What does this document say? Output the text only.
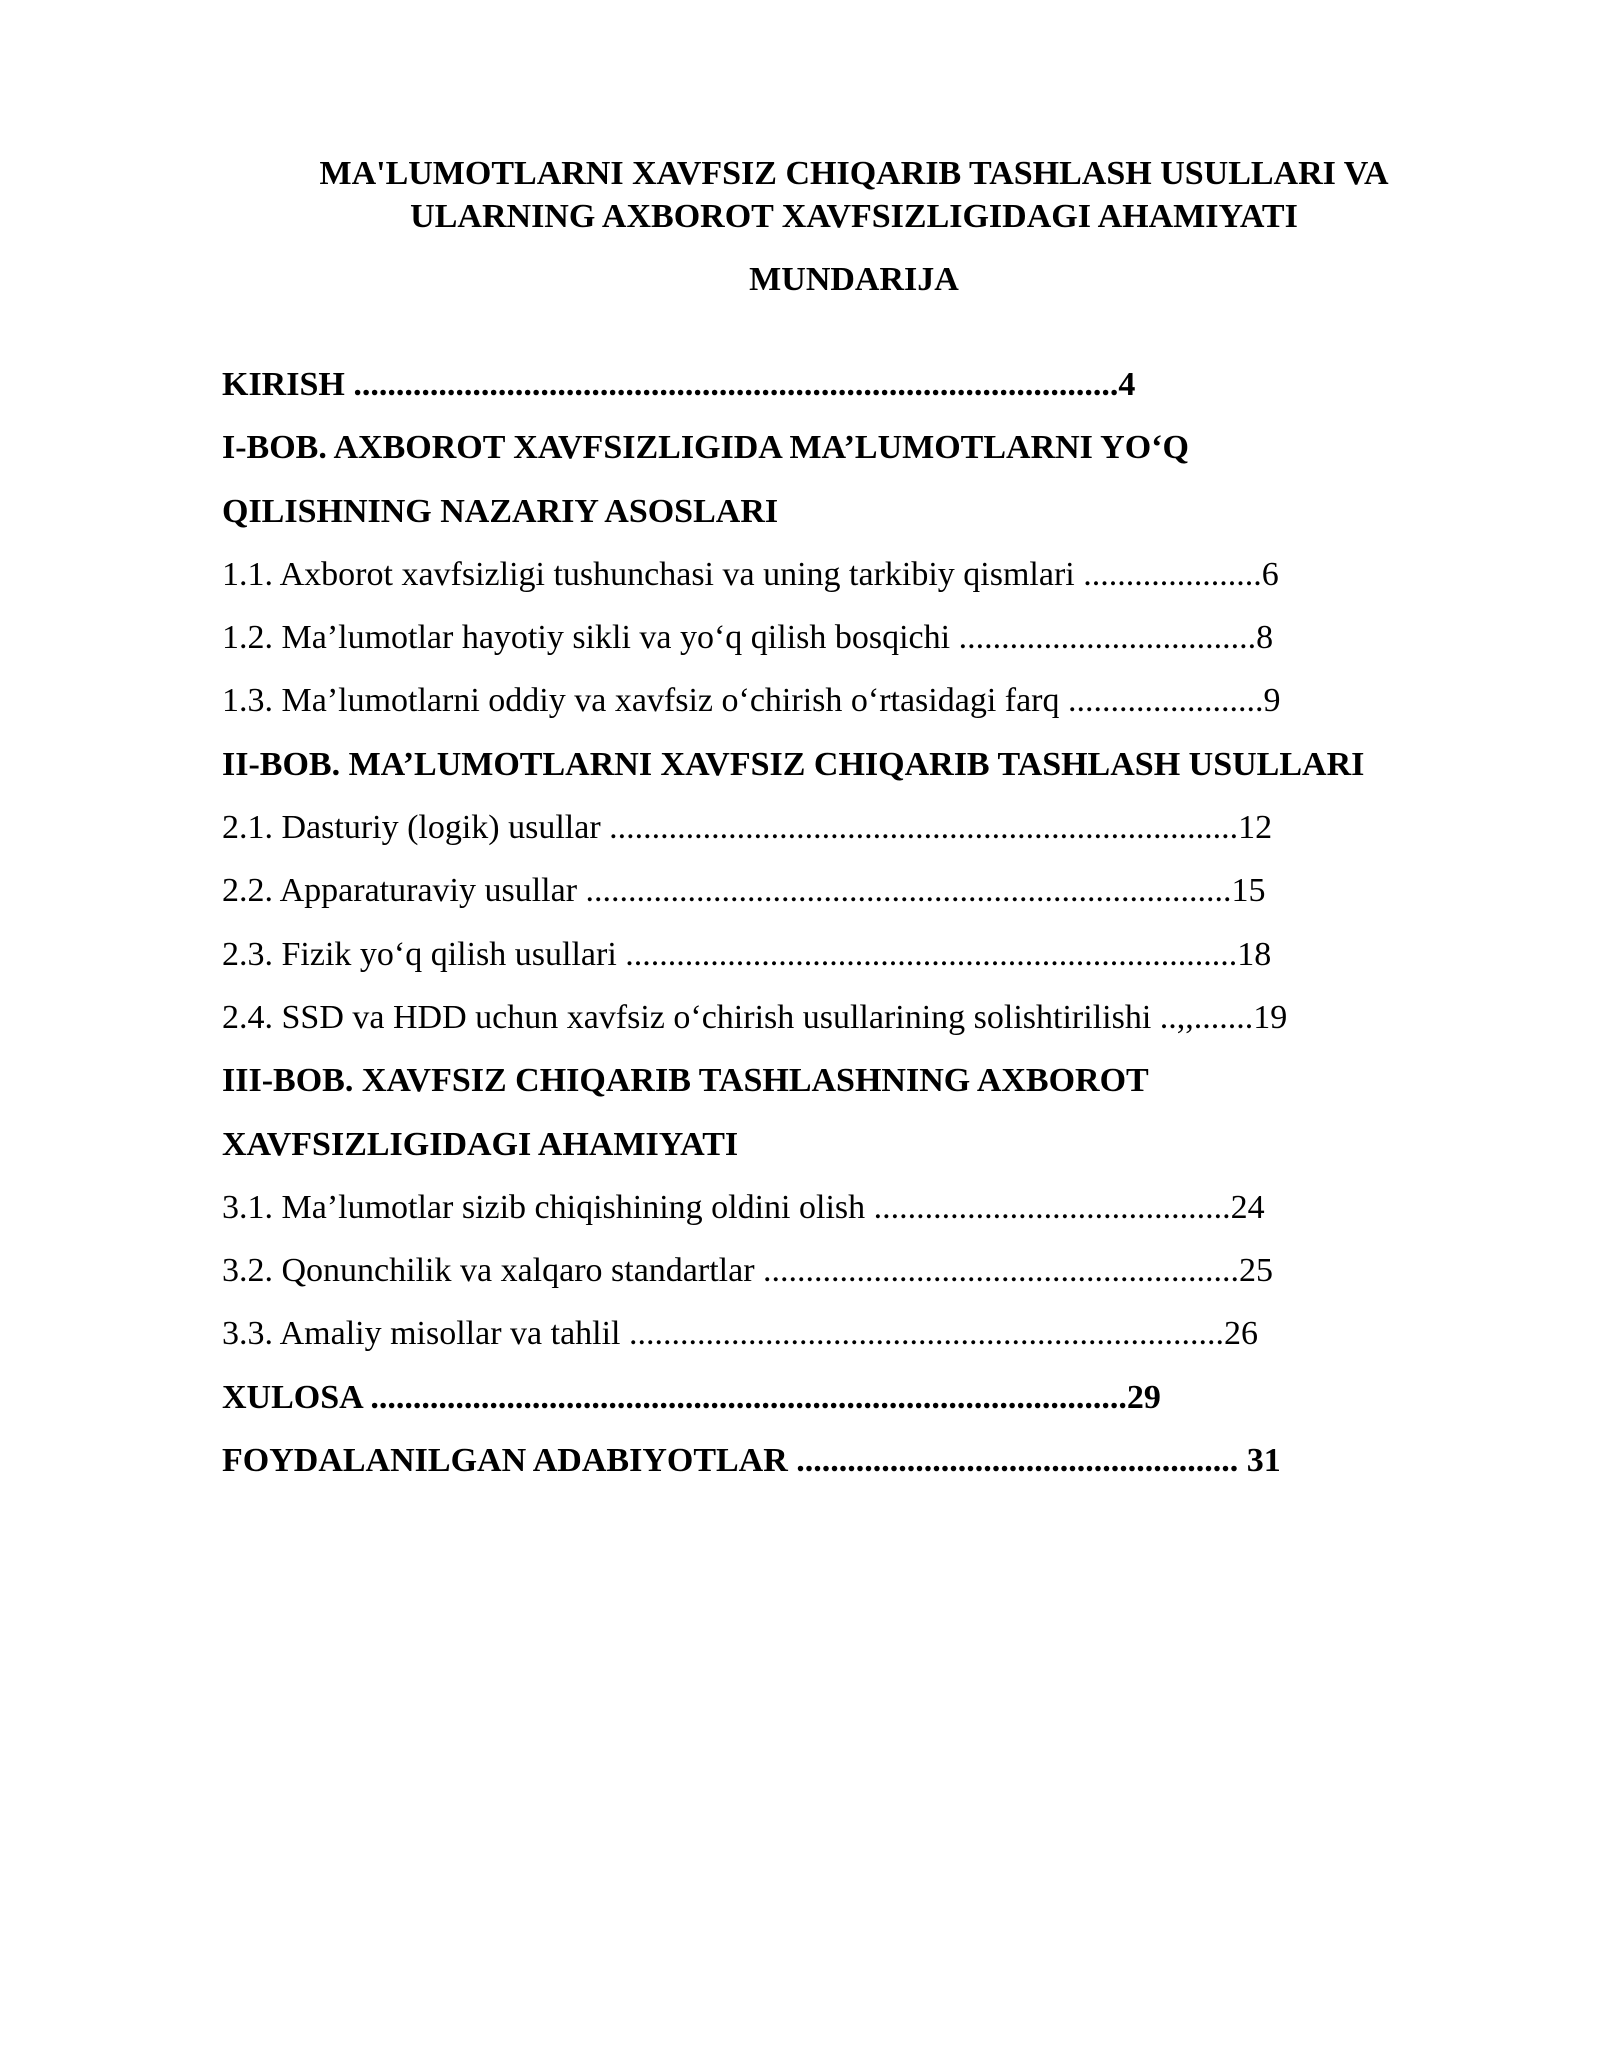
MA'LUMOTLARNI XAVFSIZ CHIQARIB TASHLASH USULLARI VA
ULARNING AXBOROT XAVFSIZLIGIDAGI AHAMIYATI
MUNDARIJA
KIRISH ..........................................................................................4
I-BOB. AXBOROT XAVFSIZLIGIDA MA’LUMOTLARNI YO‘Q
QILISHNING NAZARIY ASOSLARI
1.1. Axborot xavfsizligi tushunchasi va uning tarkibiy qismlari .....................6
1.2. Ma’lumotlar hayotiy sikli va yo‘q qilish bosqichi ...................................8
1.3. Ma’lumotlarni oddiy va xavfsiz o‘chirish o‘rtasidagi farq .......................9
II-BOB. MA’LUMOTLARNI XAVFSIZ CHIQARIB TASHLASH USULLARI
2.1. Dasturiy (logik) usullar ..........................................................................12
2.2. Apparaturaviy usullar ............................................................................15
2.3. Fizik yo‘q qilish usullari ........................................................................18
2.4. SSD va HDD uchun xavfsiz o‘chirish usullarining solishtirilishi ..,,.......19
III-BOB. XAVFSIZ CHIQARIB TASHLASHNING AXBOROT
XAVFSIZLIGIDAGI AHAMIYATI
3.1. Ma’lumotlar sizib chiqishining oldini olish ..........................................24
3.2. Qonunchilik va xalqaro standartlar ........................................................25
3.3. Amaliy misollar va tahlil ......................................................................26
XULOSA .........................................................................................29
FOYDALANILGAN ADABIYOTLAR .................................................... 31
